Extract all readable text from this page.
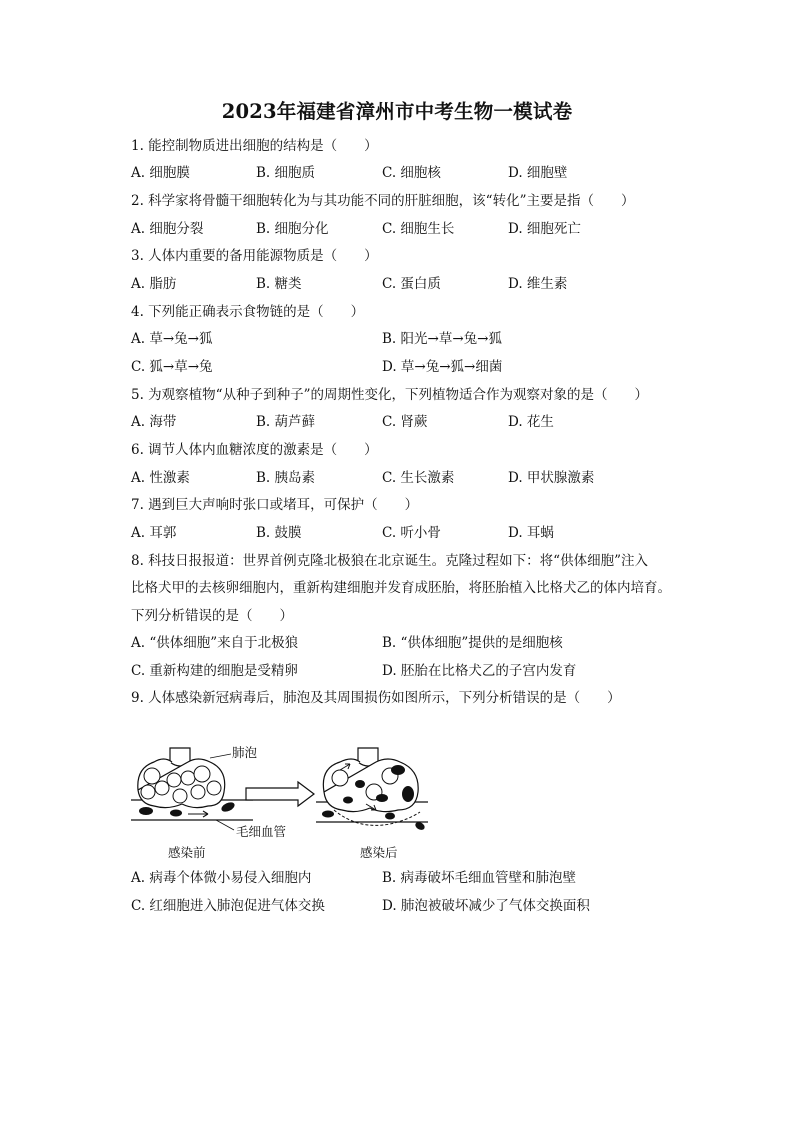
2023年福建省漳州市中考生物一模试卷
1. 能控制物质进出细胞的结构是（　　）
A. 细胞膜	B. 细胞质	C. 细胞核	D. 细胞壁
2. 科学家将骨髓干细胞转化为与其功能不同的肝脏细胞，该“转化”主要是指（　　）
A. 细胞分裂	B. 细胞分化	C. 细胞生长	D. 细胞死亡
3. 人体内重要的备用能源物质是（　　）
A. 脂肪	B. 糖类	C. 蛋白质	D. 维生素
4. 下列能正确表示食物链的是（　　）
A. 草→兔→狐	B. 阳光→草→兔→狐
C. 狐→草→兔	D. 草→兔→狐→细菌
5. 为观察植物“从种子到种子”的周期性变化，下列植物适合作为观察对象的是（　　）
A. 海带	B. 葫芦藓	C. 肾蕨	D. 花生
6. 调节人体内血糖浓度的激素是（　　）
A. 性激素	B. 胰岛素	C. 生长激素	D. 甲状腺激素
7. 遇到巨大声响时张口或堵耳，可保护（　　）
A. 耳郭	B. 鼓膜	C. 听小骨	D. 耳蜗
8. 科技日报报道：世界首例克隆北极狼在北京诞生。克隆过程如下：将“供体细胞”注入
比格犬甲的去核卵细胞内，重新构建细胞并发育成胚胎，将胚胎植入比格犬乙的体内培育。
下列分析错误的是（　　）
A. “供体细胞”来自于北极狼	B. “供体细胞”提供的是细胞核
C. 重新构建的细胞是受精卵	D. 胚胎在比格犬乙的子宫内发育
9. 人体感染新冠病毒后，肺泡及其周围损伤如图所示，下列分析错误的是（　　）
肺泡
毛细血管
感染前	感染后
A. 病毒个体微小易侵入细胞内	B. 病毒破坏毛细血管壁和肺泡壁
C. 红细胞进入肺泡促进气体交换	D. 肺泡被破坏减少了气体交换面积
